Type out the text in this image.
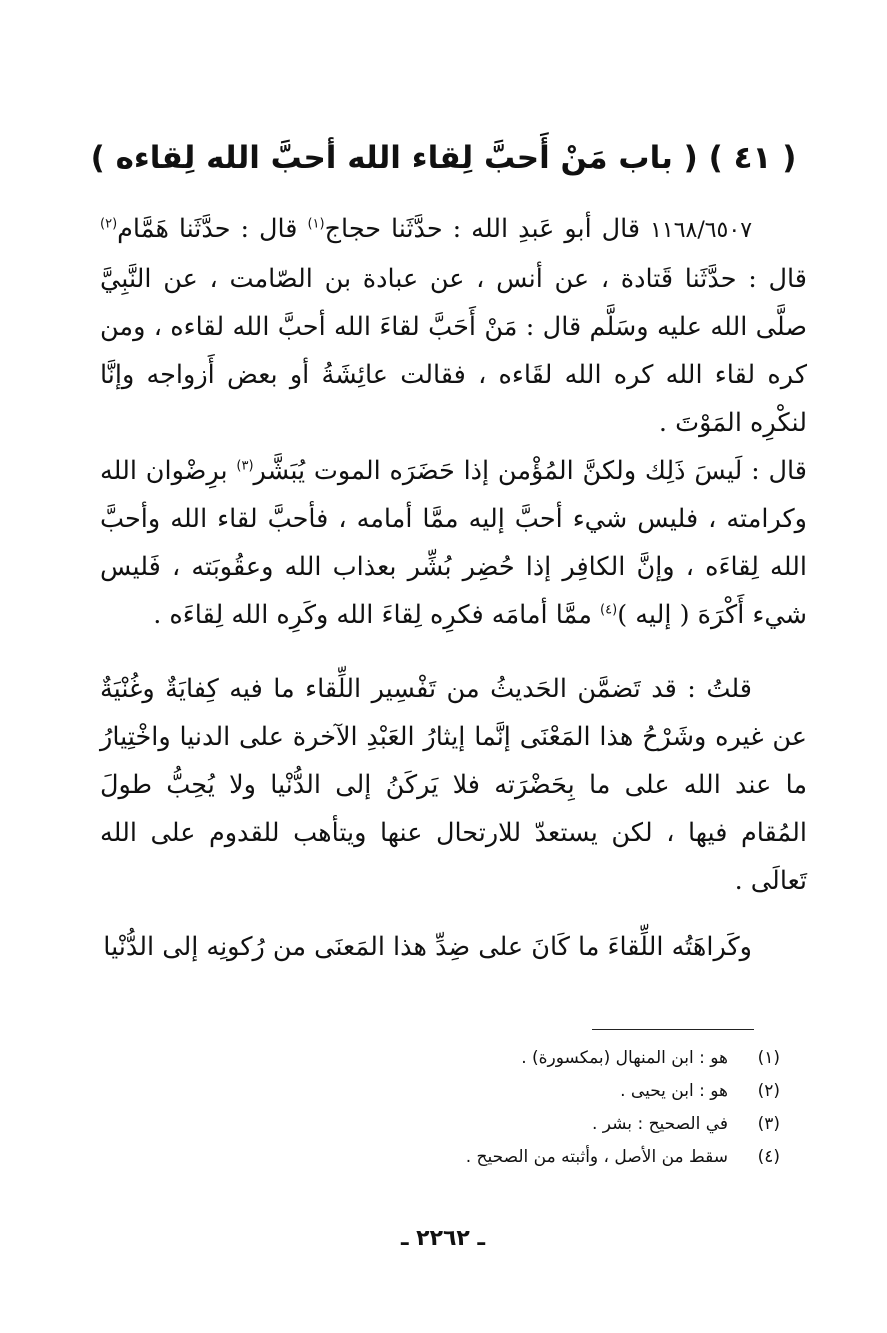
( ٤١ ) ( باب مَنْ أَحبَّ لِقاء الله أحبَّ الله لِقاءه )

١١٦٨/٦٥٠٧ قال أبو عَبدِ الله : حدَّثَنا حجاج$^{(١)}$ قال : حدَّثَنا هَمَّام$^{(٢)}$ قال : حدَّثَنا قَتادة ، عن أنس ، عن عبادة بن الصّامت ، عن النَّبِيَّ صلَّى الله عليه وسَلَّم قال : مَنْ أَحَبَّ لقاءَ الله أحبَّ الله لقاءه ، ومن كره لقاء الله كره الله لقَاءه ، فقالت عائِشَةُ أو بعض أَزواجه وإنَّا لنكْرِه المَوْتَ .

قال : لَيسَ ذَلِك ولكنَّ المُؤْمن إذا حَضَرَه الموت يُبَشَّر$^{(٣)}$ برِضْوان الله وكرامته ، فليس شيء أحبَّ إليه ممَّا أمامه ، فأحبَّ لقاء الله وأحبَّ الله لِقاءَه ، وإنَّ الكافِر إذا حُضِر بُشِّر بعذاب الله وعقُوبَته ، فَليس شيء أَكْرَهَ ( إليه )$^{(٤)}$ ممَّا أمامَه فكرِه لِقاءَ الله وكَرِه الله لِقاءَه .

قلتُ : قد تَضمَّن الحَديثُ من تَفْسِير اللِّقاء ما فيه كِفايَةٌ وغُنْيَةٌ عن غيره وشَرْحُ هذا المَعْنَى إنَّما إيثارُ العَبْدِ الآخرة على الدنيا واخْتِيارُ ما عند الله على ما بِحَضْرَته فلا يَركَنُ إلى الدُّنْيا ولا يُحِبُّ طولَ المُقام فيها ، لكن يستعدّ للارتحال عنها ويتأهب للقدوم على الله تَعالَى .

وكَراهَتُه اللِّقاءَ ما كَانَ على ضِدِّ هذا المَعنَى من رُكونِه إلى الدُّنْيا

(١)هو : ابن المنهال (بمكسورة) .
(٢)هو : ابن يحيى .
(٣)في الصحيح : بشر .
(٤)سقط من الأصل ، وأثبته من الصحيح .
ـ ٢٢٦٢ ـ
